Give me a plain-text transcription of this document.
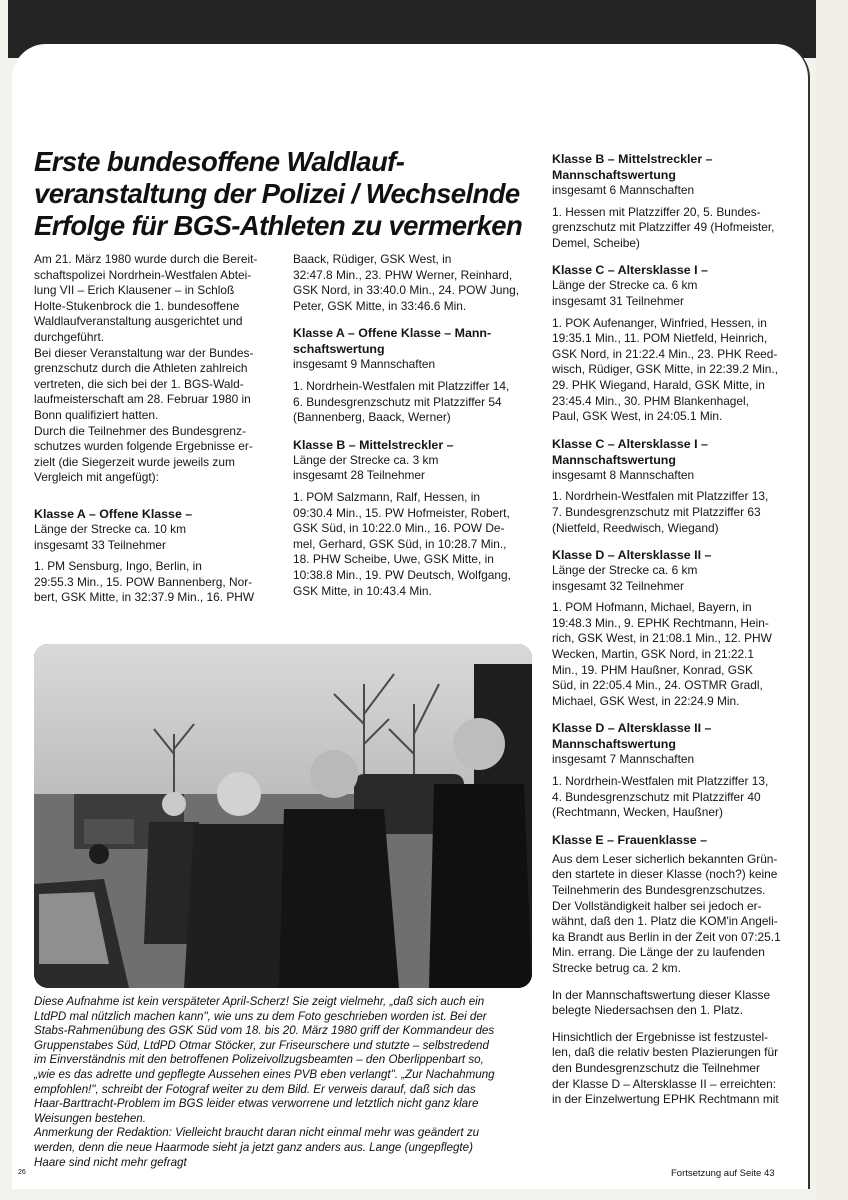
Erste bundesoffene Waldlauf-
veranstaltung der Polizei / Wechselnde
Erfolge für BGS-Athleten zu vermerken

Am 21. März 1980 wurde durch die Bereit-
schaftspolizei Nordrhein-Westfalen Abtei-
lung VII – Erich Klausener – in Schloß
Holte-Stukenbrock die 1. bundesoffene
Waldlaufveranstaltung ausgerichtet und
durchgeführt.
Bei dieser Veranstaltung war der Bundes-
grenzschutz durch die Athleten zahlreich
vertreten, die sich bei der 1. BGS-Wald-
laufmeisterschaft am 28. Februar 1980 in
Bonn qualifiziert hatten.
Durch die Teilnehmer des Bundesgrenz-
schutzes wurden folgende Ergebnisse er-
zielt (die Siegerzeit wurde jeweils zum
Vergleich mit angefügt):

Klasse A – Offene Klasse –
Länge der Strecke ca. 10 km
insgesamt 33 Teilnehmer
1. PM Sensburg, Ingo, Berlin, in
29:55.3 Min., 15. POW Bannenberg, Nor-
bert, GSK Mitte, in 32:37.9 Min., 16. PHW
Baack, Rüdiger, GSK West, in
32:47.8 Min., 23. PHW Werner, Reinhard,
GSK Nord, in 33:40.0 Min., 24. POW Jung,
Peter, GSK Mitte, in 33:46.6 Min.
Klasse A – Offene Klasse – Mann-
schaftswertung
insgesamt 9 Mannschaften
1. Nordrhein-Westfalen mit Platzziffer 14,
6. Bundesgrenzschutz mit Platzziffer 54
(Bannenberg, Baack, Werner)
Klasse B – Mittelstreckler –
Länge der Strecke ca. 3 km
insgesamt 28 Teilnehmer
1. POM Salzmann, Ralf, Hessen, in
09:30.4 Min., 15. PW Hofmeister, Robert,
GSK Süd, in 10:22.0 Min., 16. POW De-
mel, Gerhard, GSK Süd, in 10:28.7 Min.,
18. PHW Scheibe, Uwe, GSK Mitte, in
10:38.8 Min., 19. PW Deutsch, Wolfgang,
GSK Mitte, in 10:43.4 Min.
Klasse B – Mittelstreckler –
Mannschaftswertung
insgesamt 6 Mannschaften
1. Hessen mit Platzziffer 20, 5. Bundes-
grenzschutz mit Platzziffer 49 (Hofmeister,
Demel, Scheibe)
Klasse C – Altersklasse I –
Länge der Strecke ca. 6 km
insgesamt 31 Teilnehmer
1. POK Aufenanger, Winfried, Hessen, in
19:35.1 Min., 11. POM Nietfeld, Heinrich,
GSK Nord, in 21:22.4 Min., 23. PHK Reed-
wisch, Rüdiger, GSK Mitte, in 22:39.2 Min.,
29. PHK Wiegand, Harald, GSK Mitte, in
23:45.4 Min., 30. PHM Blankenhagel,
Paul, GSK West, in 24:05.1 Min.
Klasse C – Altersklasse I –
Mannschaftswertung
insgesamt 8 Mannschaften
1. Nordrhein-Westfalen mit Platzziffer 13,
7. Bundesgrenzschutz mit Platzziffer 63
(Nietfeld, Reedwisch, Wiegand)
Klasse D – Altersklasse II –
Länge der Strecke ca. 6 km
insgesamt 32 Teilnehmer
1. POM Hofmann, Michael, Bayern, in
19:48.3 Min., 9. EPHK Rechtmann, Hein-
rich, GSK West, in 21:08.1 Min., 12. PHW
Wecken, Martin, GSK Nord, in 21:22.1
Min., 19. PHM Haußner, Konrad, GSK
Süd, in 22:05.4 Min., 24. OSTMR Gradl,
Michael, GSK West, in 22:24.9 Min.
Klasse D – Altersklasse II –
Mannschaftswertung
insgesamt 7 Mannschaften
1. Nordrhein-Westfalen mit Platzziffer 13,
4. Bundesgrenzschutz mit Platzziffer 40
(Rechtmann, Wecken, Haußner)
Klasse E – Frauenklasse –
Aus dem Leser sicherlich bekannten Grün-
den startete in dieser Klasse (noch?) keine
Teilnehmerin des Bundesgrenzschutzes.
Der Vollständigkeit halber sei jedoch er-
wähnt, daß den 1. Platz die KOM'in Angeli-
ka Brandt aus Berlin in der Zeit von 07:25.1
Min. errang. Die Länge der zu laufenden
Strecke betrug ca. 2 km.
In der Mannschaftswertung dieser Klasse
belegte Niedersachsen den 1. Platz.
Hinsichtlich der Ergebnisse ist festzustel-
len, daß die relativ besten Plazierungen für
den Bundesgrenzschutz die Teilnehmer
der Klasse D – Altersklasse II – erreichten:
in der Einzelwertung EPHK Rechtmann mit
Diese Aufnahme ist kein verspäteter April-Scherz! Sie zeigt vielmehr, „daß sich auch ein
LtdPD mal nützlich machen kann", wie uns zu dem Foto geschrieben worden ist. Bei der
Stabs-Rahmenübung des GSK Süd vom 18. bis 20. März 1980 griff der Kommandeur des
Gruppenstabes Süd, LtdPD Otmar Stöcker, zur Friseurschere und stutzte – selbstredend
im Einverständnis mit den betroffenen Polizeivollzugsbeamten – den Oberlippenbart so,
„wie es das adrette und gepflegte Aussehen eines PVB eben verlangt". „Zur Nachahmung
empfohlen!", schreibt der Fotograf weiter zu dem Bild. Er verweis darauf, daß sich das
Haar-Barttracht-Problem im BGS leider etwas verworrene und letztlich nicht ganz klare
Weisungen bestehen.
Anmerkung der Redaktion: Vielleicht braucht daran nicht einmal mehr was geändert zu
werden, denn die neue Haarmode sieht ja jetzt ganz anders aus. Lange (ungepflegte)
Haare sind nicht mehr gefragt
26	Fortsetzung auf Seite 43
